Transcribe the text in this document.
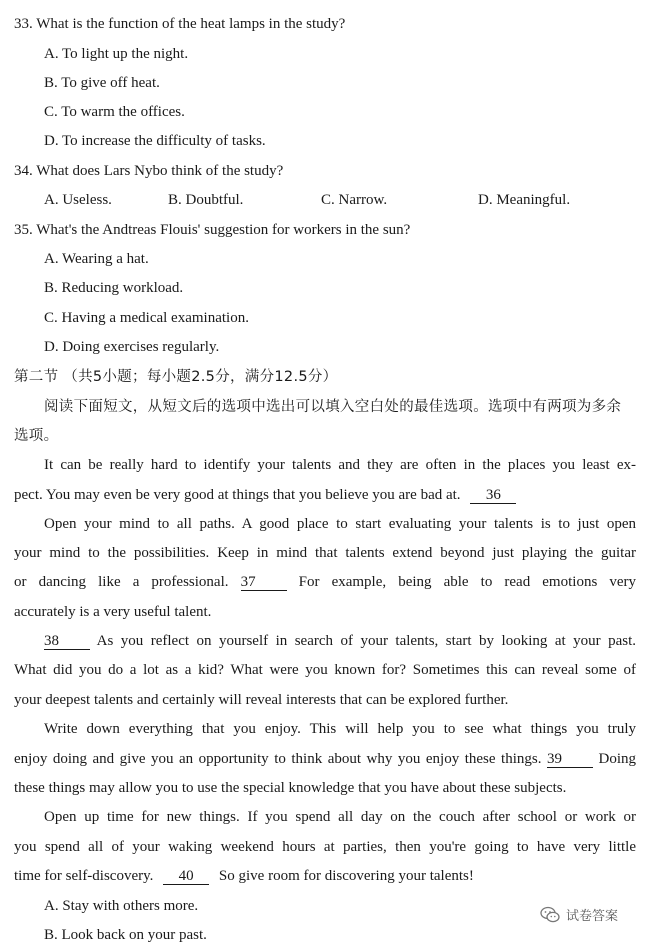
33. What is the function of the heat lamps in the study?
A. To light up the night.
B. To give off heat.
C. To warm the offices.
D. To increase the difficulty of tasks.
34. What does Lars Nybo think of the study?
A. Useless.	B. Doubtful.	C. Narrow.	D. Meaningful.
35. What's the Andtreas Flouis' suggestion for workers in the sun?
A. Wearing a hat.
B. Reducing workload.
C. Having a medical examination.
D. Doing exercises regularly.
第二节 （共5小题；每小题2.5分，满分12.5分）
阅读下面短文，从短文后的选项中选出可以填入空白处的最佳选项。选项中有两项为多余
选项。
It can be really hard to identify your talents and they are often in the places you least ex-
pect. You may even be very good at things that you believe you are bad at. 36
Open your mind to all paths. A good place to start evaluating your talents is to just open
your mind to the possibilities. Keep in mind that talents extend beyond just playing the guitar
or dancing like a professional. 37	For example, being able to read emotions very
accurately is a very useful talent.
38	As you reflect on yourself in search of your talents, start by looking at your past.
What did you do a lot as a kid? What were you known for? Sometimes this can reveal some of
your deepest talents and certainly will reveal interests that can be explored further.
Write down everything that you enjoy. This will help you to see what things you truly
enjoy doing and give you an opportunity to think about why you enjoy these things. 39 Doing
these things may allow you to use the special knowledge that you have about these subjects.
Open up time for new things. If you spend all day on the couch after school or work or
you spend all of your waking weekend hours at parties, then you're going to have very little
time for self-discovery. 40 So give room for discovering your talents!
A. Stay with others more.
B. Look back on your past.
试卷答案
